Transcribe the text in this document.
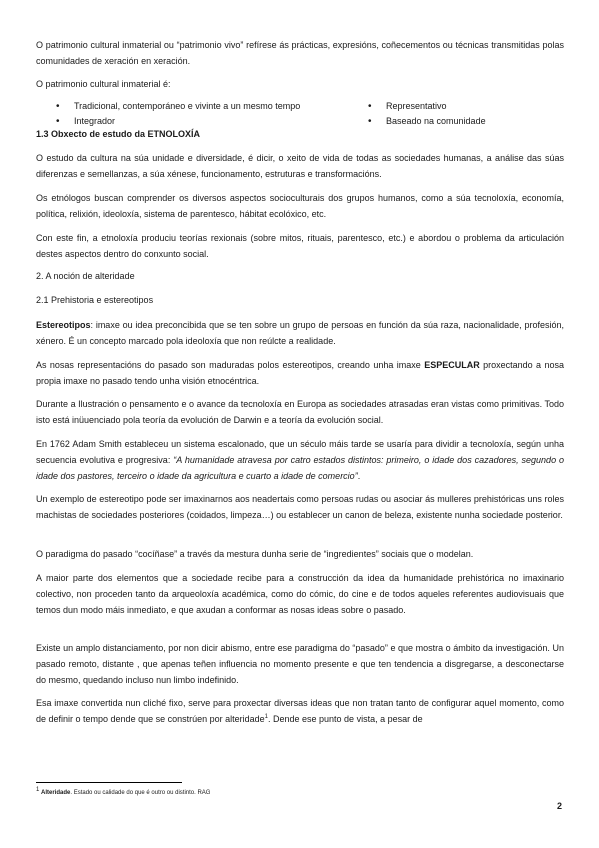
O patrimonio cultural inmaterial ou “patrimonio vivo” refírese ás prácticas, expresións, coñecementos ou técnicas transmitidas polas comunidades de xeración en xeración.

O patrimonio cultural inmaterial é:

• Tradicional, contemporáneo e vivinte a un mesmo tempo
• Integrador
• Representativo
• Baseado na comunidade
1.3 Obxecto de estudo da ETNOLOXÍA

O estudo da cultura na súa unidade e diversidade, é dicir, o xeito de vida de todas as sociedades humanas, a análise das súas diferenzas e semellanzas, a súa xénese, funcionamento, estruturas e transformacións.

Os etnólogos buscan comprender os diversos aspectos socioculturais dos grupos humanos, como a súa tecnoloxía, economía, política, relixión, ideoloxía, sistema de parentesco, hábitat ecolóxico, etc.

Con este fin, a etnoloxía produciu teorías rexionais (sobre mitos, rituais, parentesco, etc.) e abordou o problema da articulación destes aspectos dentro do conxunto social.

2. A noción de alteridade
2.1 Prehistoria e estereotipos

Estereotipos: imaxe ou idea preconcibida que se ten sobre un grupo de persoas en función da súa raza, nacionalidade, profesión, xénero. É un concepto marcado pola ideoloxía que non reúlcte a realidade.

As nosas representacións do pasado son maduradas polos estereotipos, creando unha imaxe ESPECULAR proxectando a nosa propia imaxe no pasado tendo unha visión etnocéntrica.

Durante a Ilustración o pensamento e o avance da tecnoloxía en Europa as sociedades atrasadas eran vistas como primitivas. Todo isto está inüuenciado pola teoría da evolución de Darwin e a teoría da evolución social.

En 1762 Adam Smith estableceu un sistema escalonado, que un século máis tarde se usaría para dividir a tecnoloxía, según unha secuencia evolutiva e progresiva: “A humanidade atravesa por catro estados distintos: primeiro, o idade dos cazadores, segundo o idade dos pastores, terceiro o idade da agricultura e cuarto a idade de comercio”.

Un exemplo de estereotipo pode ser imaxinarnos aos neadertais como persoas rudas ou asociar ás mulleres prehistóricas uns roles machistas de sociedades posteriores (coidados, limpeza…) ou establecer un canon de beleza, existente nunha sociedade posterior.

O paradigma do pasado “cocíñase” a través da mestura dunha serie de “ingredientes” sociais que o modelan.

A maior parte dos elementos que a sociedade recibe para a construcción da idea da humanidade prehistórica no imaxinario colectivo, non proceden tanto da arqueoloxía académica, como do cómic, do cine e de todos aqueles referentes audiovisuais que temos dun modo máis inmediato, e que axudan a conformar as nosas ideas sobre o pasado.

Existe un amplo distanciamento, por non dicir abismo, entre ese paradigma do “pasado” e que mostra o ámbito da investigación. Un pasado remoto, distante , que apenas teñen influencia no momento presente e que ten tendencia a disgregarse, a desconectarse do mesmo, quedando incluso nun limbo indefinido.

Esa imaxe convertida nun cliché fixo, serve para proxectar diversas ideas que non tratan tanto de configurar aquel momento, como de definir o tempo dende que se constrúen por alteridade$^1$. Dende ese punto de vista, a pesar de

$^1$ Alteridade. Estado ou calidade do que é outro ou distinto. RAG
2
